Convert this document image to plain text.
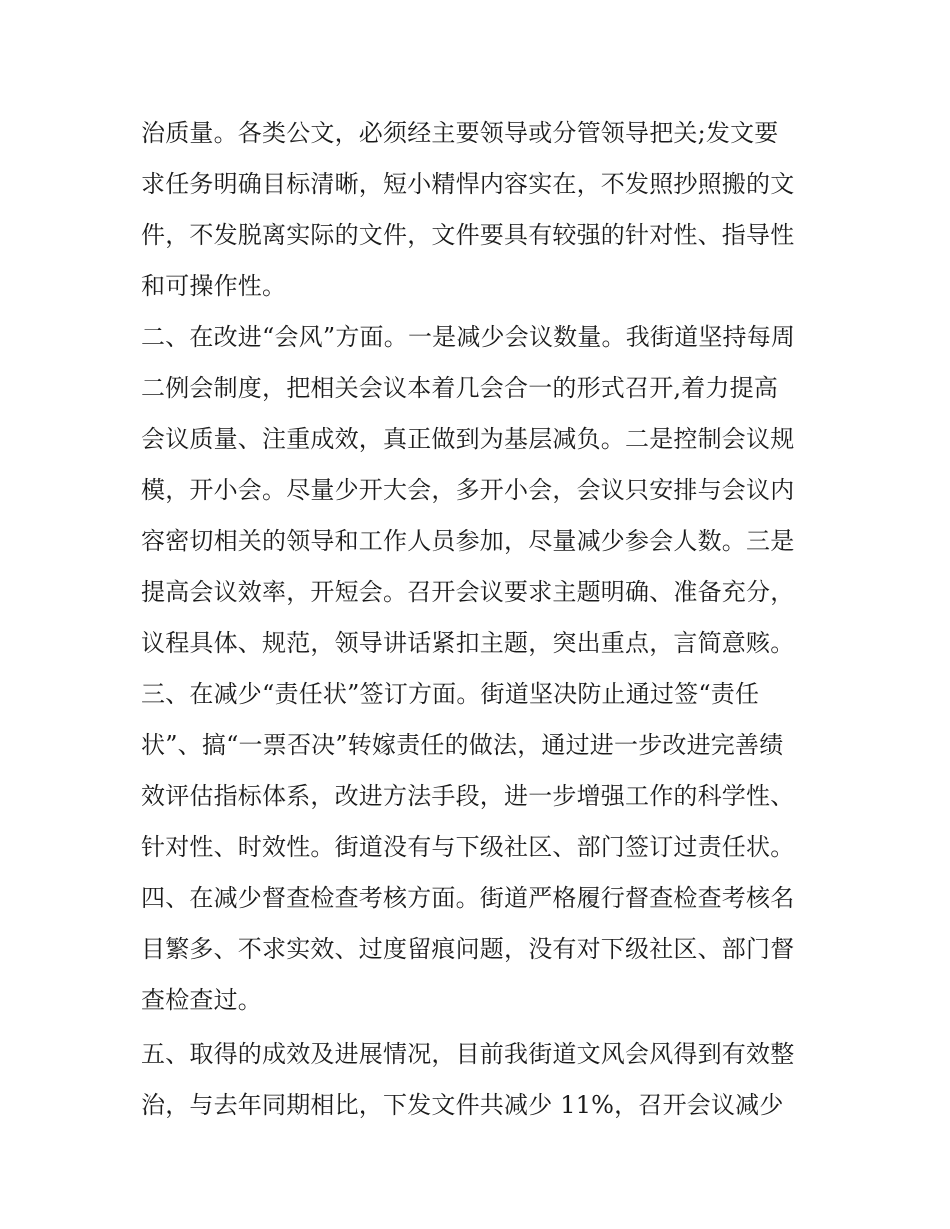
治质量。各类公文，必须经主要领导或分管领导把关;发文要
求任务明确目标清晰，短小精悍内容实在，不发照抄照搬的文
件，不发脱离实际的文件，文件要具有较强的针对性、指导性
和可操作性。
二、在改进“会风”方面。一是减少会议数量。我街道坚持每周
二例会制度，把相关会议本着几会合一的形式召开,着力提高
会议质量、注重成效，真正做到为基层减负。二是控制会议规
模，开小会。尽量少开大会，多开小会，会议只安排与会议内
容密切相关的领导和工作人员参加，尽量减少参会人数。三是
提高会议效率，开短会。召开会议要求主题明确、准备充分，
议程具体、规范，领导讲话紧扣主题，突出重点，言简意赅。
三、在减少“责任状”签订方面。街道坚决防止通过签“责任
状”、搞“一票否决”转嫁责任的做法，通过进一步改进完善绩
效评估指标体系，改进方法手段，进一步增强工作的科学性、
针对性、时效性。街道没有与下级社区、部门签订过责任状。
四、在减少督查检查考核方面。街道严格履行督查检查考核名
目繁多、不求实效、过度留痕问题，没有对下级社区、部门督
查检查过。
五、取得的成效及进展情况，目前我街道文风会风得到有效整
治，与去年同期相比，下发文件共减少 11%，召开会议减少
